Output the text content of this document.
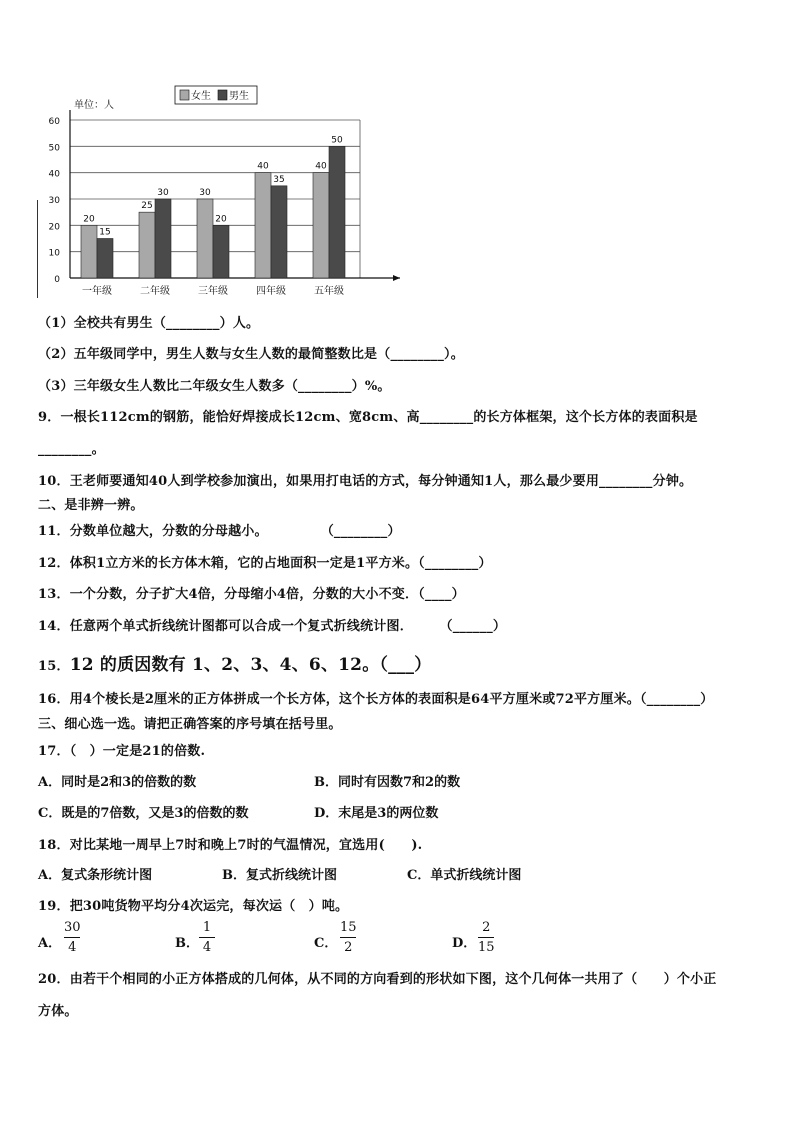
0
10
20
30
40
50
60
单位：人
女生 男生
20
15
一年级
25
30
二年级
30
20
三年级
40
35
四年级
40
50
五年级
（1）全校共有男生（________）人。
（2）五年级同学中，男生人数与女生人数的最简整数比是（________）。
（3）三年级女生人数比二年级女生人数多（________）%。
9．一根长112cm的钢筋，能恰好焊接成长12cm、宽8cm、高________的长方体框架，这个长方体的表面积是
________。
10．王老师要通知40人到学校参加演出，如果用打电话的方式，每分钟通知1人，那么最少要用________分钟。
二、是非辨一辨。
11．分数单位越大，分数的分母越小。　　　　　（________）
12．体积1立方米的长方体木箱，它的占地面积一定是1平方米。（________）
13．一个分数，分子扩大4倍，分母缩小4倍，分数的大小不变．（____）
14．任意两个单式折线统计图都可以合成一个复式折线统计图．　　　（______）
15．12 的质因数有 1、2、3、4、6、12。（___）
16．用4个棱长是2厘米的正方体拼成一个长方体，这个长方体的表面积是64平方厘米或72平方厘米。（________）
三、细心选一选。请把正确答案的序号填在括号里。
17．（　）一定是21的倍数.
A．同时是2和3的倍数的数	B．同时有因数7和2的数
C．既是的7倍数，又是3的倍数的数	D．末尾是3的两位数
18．对比某地一周早上7时和晚上7时的气温情况，宜选用(　　).
A．复式条形统计图	B．复式折线统计图	C．单式折线统计图
19．把30吨货物平均分4次运完，每次运（　）吨。
A．
30
4	B．
1
4	C．
15
2	D．
2
15
20．由若干个相同的小正方体搭成的几何体，从不同的方向看到的形状如下图，这个几何体一共用了（　　）个小正
方体。
